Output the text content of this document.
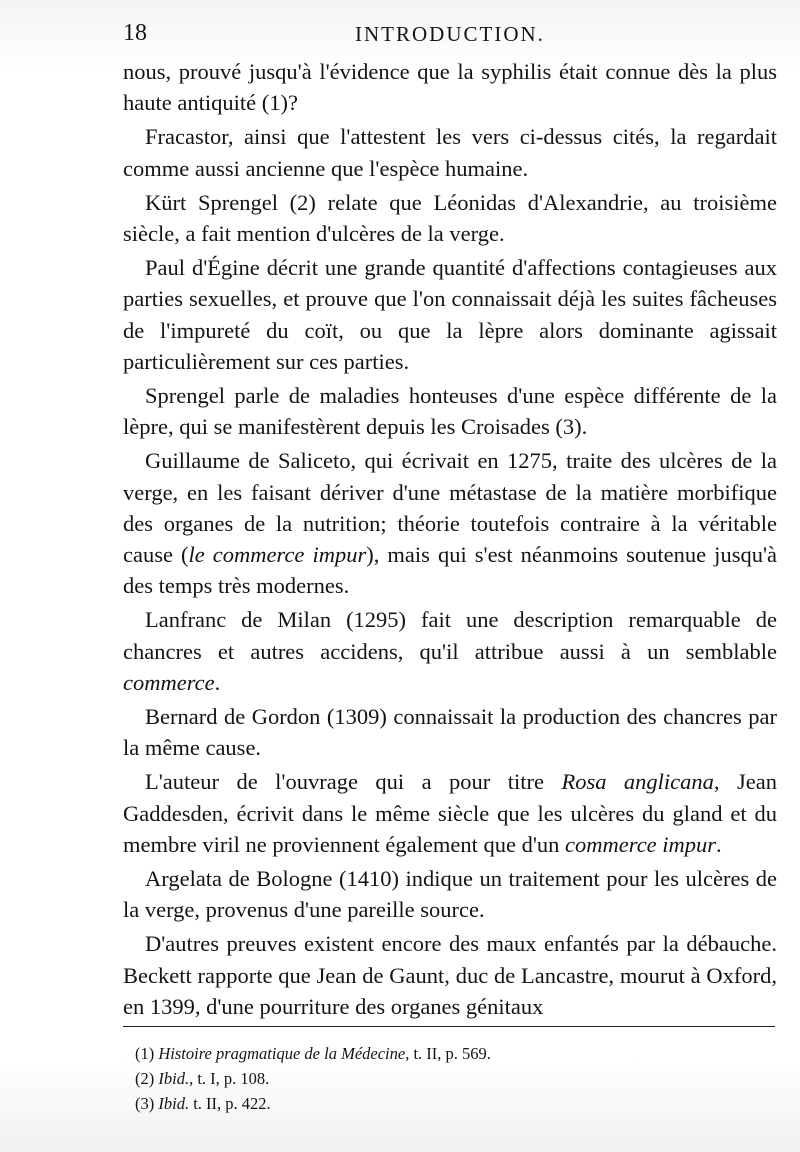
18	INTRODUCTION.

nous, prouvé jusqu'à l'évidence que la syphilis était connue dès la plus haute antiquité (1)?

Fracastor, ainsi que l'attestent les vers ci-dessus cités, la regardait comme aussi ancienne que l'espèce humaine.

Kürt Sprengel (2) relate que Léonidas d'Alexandrie, au troisième siècle, a fait mention d'ulcères de la verge.

Paul d'Égine décrit une grande quantité d'affections contagieuses aux parties sexuelles, et prouve que l'on connaissait déjà les suites fâcheuses de l'impureté du coït, ou que la lèpre alors dominante agissait particulièrement sur ces parties.

Sprengel parle de maladies honteuses d'une espèce différente de la lèpre, qui se manifestèrent depuis les Croisades (3).

Guillaume de Saliceto, qui écrivait en 1275, traite des ulcères de la verge, en les faisant dériver d'une métastase de la matière morbifique des organes de la nutrition; théorie toutefois contraire à la véritable cause (le commerce impur), mais qui s'est néanmoins soutenue jusqu'à des temps très modernes.

Lanfranc de Milan (1295) fait une description remarquable de chancres et autres accidens, qu'il attribue aussi à un semblable commerce.

Bernard de Gordon (1309) connaissait la production des chancres par la même cause.

L'auteur de l'ouvrage qui a pour titre Rosa anglicana, Jean Gaddesden, écrivit dans le même siècle que les ulcères du gland et du membre viril ne proviennent également que d'un commerce impur.

Argelata de Bologne (1410) indique un traitement pour les ulcères de la verge, provenus d'une pareille source.

D'autres preuves existent encore des maux enfantés par la débauche. Beckett rapporte que Jean de Gaunt, duc de Lancastre, mourut à Oxford, en 1399, d'une pourriture des organes génitaux

(1) Histoire pragmatique de la Médecine, t. II, p. 569.

(2) Ibid., t. I, p. 108.

(3) Ibid. t. II, p. 422.
